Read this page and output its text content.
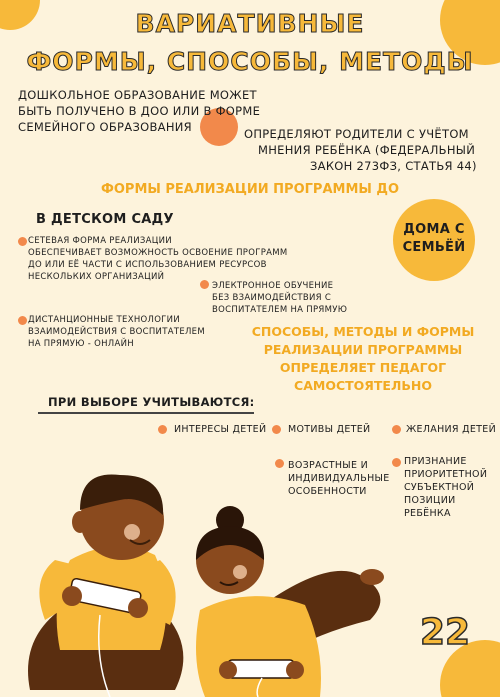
ВАРИАТИВНЫЕ
ФОРМЫ, СПОСОБЫ, МЕТОДЫ
ДОШКОЛЬНОЕ ОБРАЗОВАНИЕ МОЖЕТ
БЫТЬ ПОЛУЧЕНО В ДОО ИЛИ В ФОРМЕ
СЕМЕЙНОГО ОБРАЗОВАНИЯ	ОПРЕДЕЛЯЮТ РОДИТЕЛИ С УЧЁТОМ
МНЕНИЯ РЕБЁНКА (ФЕДЕРАЛЬНЫЙ
ЗАКОН 273ФЗ, СТАТЬЯ 44)
ФОРМЫ РЕАЛИЗАЦИИ ПРОГРАММЫ ДО
В ДЕТСКОМ САДУ
СЕТЕВАЯ ФОРМА РЕАЛИЗАЦИИ
ОБЕСПЕЧИВАЕТ ВОЗМОЖНОСТЬ ОСВОЕНИЕ ПРОГРАММ
ДО ИЛИ ЕЁ ЧАСТИ С ИСПОЛЬЗОВАНИЕМ РЕСУРСОВ
НЕСКОЛЬКИХ ОРГАНИЗАЦИЙ
ЭЛЕКТРОННОЕ ОБУЧЕНИЕ
БЕЗ ВЗАИМОДЕЙСТВИЯ С
ВОСПИТАТЕЛЕМ НА ПРЯМУЮ
ДИСТАНЦИОННЫЕ ТЕХНОЛОГИИ
ВЗАИМОДЕЙСТВИЯ С ВОСПИТАТЕЛЕМ
НА ПРЯМУЮ - ОНЛАЙН
ДОМА С
СЕМЬЁЙ
СПОСОБЫ, МЕТОДЫ И ФОРМЫ
РЕАЛИЗАЦИИ ПРОГРАММЫ
ОПРЕДЕЛЯЕТ ПЕДАГОГ
САМОСТОЯТЕЛЬНО
ПРИ ВЫБОРЕ УЧИТЫВАЮТСЯ:
ИНТЕРЕСЫ ДЕТЕЙ МОТИВЫ ДЕТЕЙ	ЖЕЛАНИЯ ДЕТЕЙ
ВОЗРАСТНЫЕ И
ИНДИВИДУАЛЬНЫЕ
ОСОБЕННОСТИ
ПРИЗНАНИЕ
ПРИОРИТЕТНОЙ
СУБЪЕКТНОЙ
ПОЗИЦИИ РЕБЁНКА
22
